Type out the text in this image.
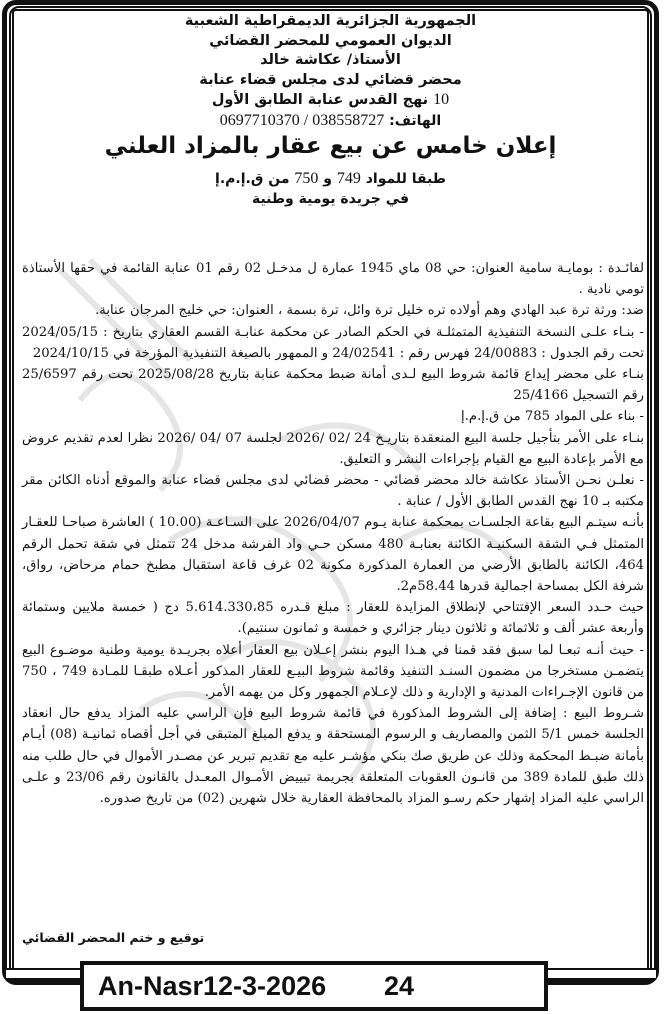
الجمهورية الجزائرية الديمقراطية الشعبية
الديوان العمومي للمحضر القضائي
الأستاذ/ عكاشة خالد
محضر قضائي لدى مجلس قضاء عنابة
10 نهج القدس عنابة الطابق الأول
الهاتف: 0697710370 / 038558727
إعلان خامس عن بيع عقار بالمزاد العلني
طبقا للمواد 749 و 750 من ق.إ.م.إ
في جريدة يومية وطنية

لفائـدة : بومايـة سامية العنوان: حي 08 ماي 1945 عمارة ل مدخـل 02 رقم 01 عنابة القائمة في حقها الأستاذة تومي نادية .

ضد: ورثة ترة عبد الهادي وهم أولاده تره خليل ترة وائل، ترة بسمة ، العنوان: حي خليج المرجان عنابة.

- بنـاء علـى النسخة التنفيذية المتمثلـة في الحكم الصادر عن محكمة عنابـة القسم العقاري بتاريخ : 2024/05/15 تحت رقم الجدول : 24/00883 فهرس رقم : 24/02541 و الممهور بالصيغة التنفيذية المؤرخة في 2024/10/15

بنـاء على محضر إيداع قائمة شروط البيع لـدى أمانة ضبط محكمة عنابة بتاريخ 2025/08/28 تحت رقم 25/6597 رقم التسجيل 25/4166

- بناء على المواد 785 من ق.إ.م.إ

بنـاء على الأمر بتأجيل جلسة البيع المنعقدة بتاريـخ 24 /02 /2026 لجلسة 07 /04 /2026 نظرا لعدم تقديم عروض مع الأمر بإعادة البيع مع القيام بإجراءات النشر و التعليق.

- نعلـن نحـن الأستاذ عكاشة خالد محضر قضائي - محضر قضائي لدى مجلس قضاء عنابة والموقع أدناه الكائن مقر مكتبه بـ 10 نهج القدس الطابق الأول / عنابة .

بأنـه سيتـم البيع بقاعة الجلسـات بمحكمة عنابة يـوم 2026/04/07 على السـاعـة (10.00 ) العاشرة صباحـا للعقـار المتمثل فـي الشقة السكنيـة الكائنة بعنابـة 480 مسكن حـي واد الفرشة مدخل 24 تتمثل في شقة تحمل الرقم 464، الكائنة بالطابق الأرضي من العمارة المذكورة مكونة 02 غرف قاعة استقبال مطبخ حمام مرحاض، رواق، شرفة الكل بمساحة اجمالية قدرها 58.44م2.

حيث حـدد السعر الإفتتاحي لإنطلاق المزايدة للعقار : مبلغ قـدره 5.614.330،85 دج ( خمسة ملايين وستمائة وأربعة عشر ألف و ثلاثمائة و ثلاثون دينار جزائري و خمسة و ثمانون سنتيم).

- حيث أنـه تبعـا لما سبق فقد قمنا في هـذا اليوم بنشر إعـلان بيع العقار أعلاه بجريـدة يومية وطنية موضـوع البيع يتضمـن مستخرجا من مضمون السنـد التنفيذ وقائمة شروط البيـع للعقار المذكور أعـلاه طبقـا للمـادة 749 ، 750 من قانون الإجـراءات المدنية و الإدارية و ذلك لإعـلام الجمهور وكل من يهمه الأمر.

شـروط البيع : إضافة إلى الشروط المذكورة في قائمة شروط البيع فإن الراسي عليه المزاد يدفع حال انعقاد الجلسة خمس 5/1 الثمن والمصاريف و الرسوم المستحقة و يدفع المبلغ المتبقى في أجل أقصاه ثمانيـة (08) أيـام بأمانة ضبـط المحكمة وذلك عن طريق صك بنكي مؤشـر عليه مع تقديم تبرير عن مصـدر الأموال في حال طلب منه ذلك طبق للمادة 389 من قانـون العقوبات المتعلقة بجريمة تبييض الأمـوال المعـدل بالقانون رقم 23/06 و علـى الراسي عليه المزاد إشهار حكم رسـو المزاد بالمحافظة العقارية خلال شهرين (02) من تاريخ صدوره.

توقيع و ختم المحضر القضائي
An-Nasr12-3-2026 24
